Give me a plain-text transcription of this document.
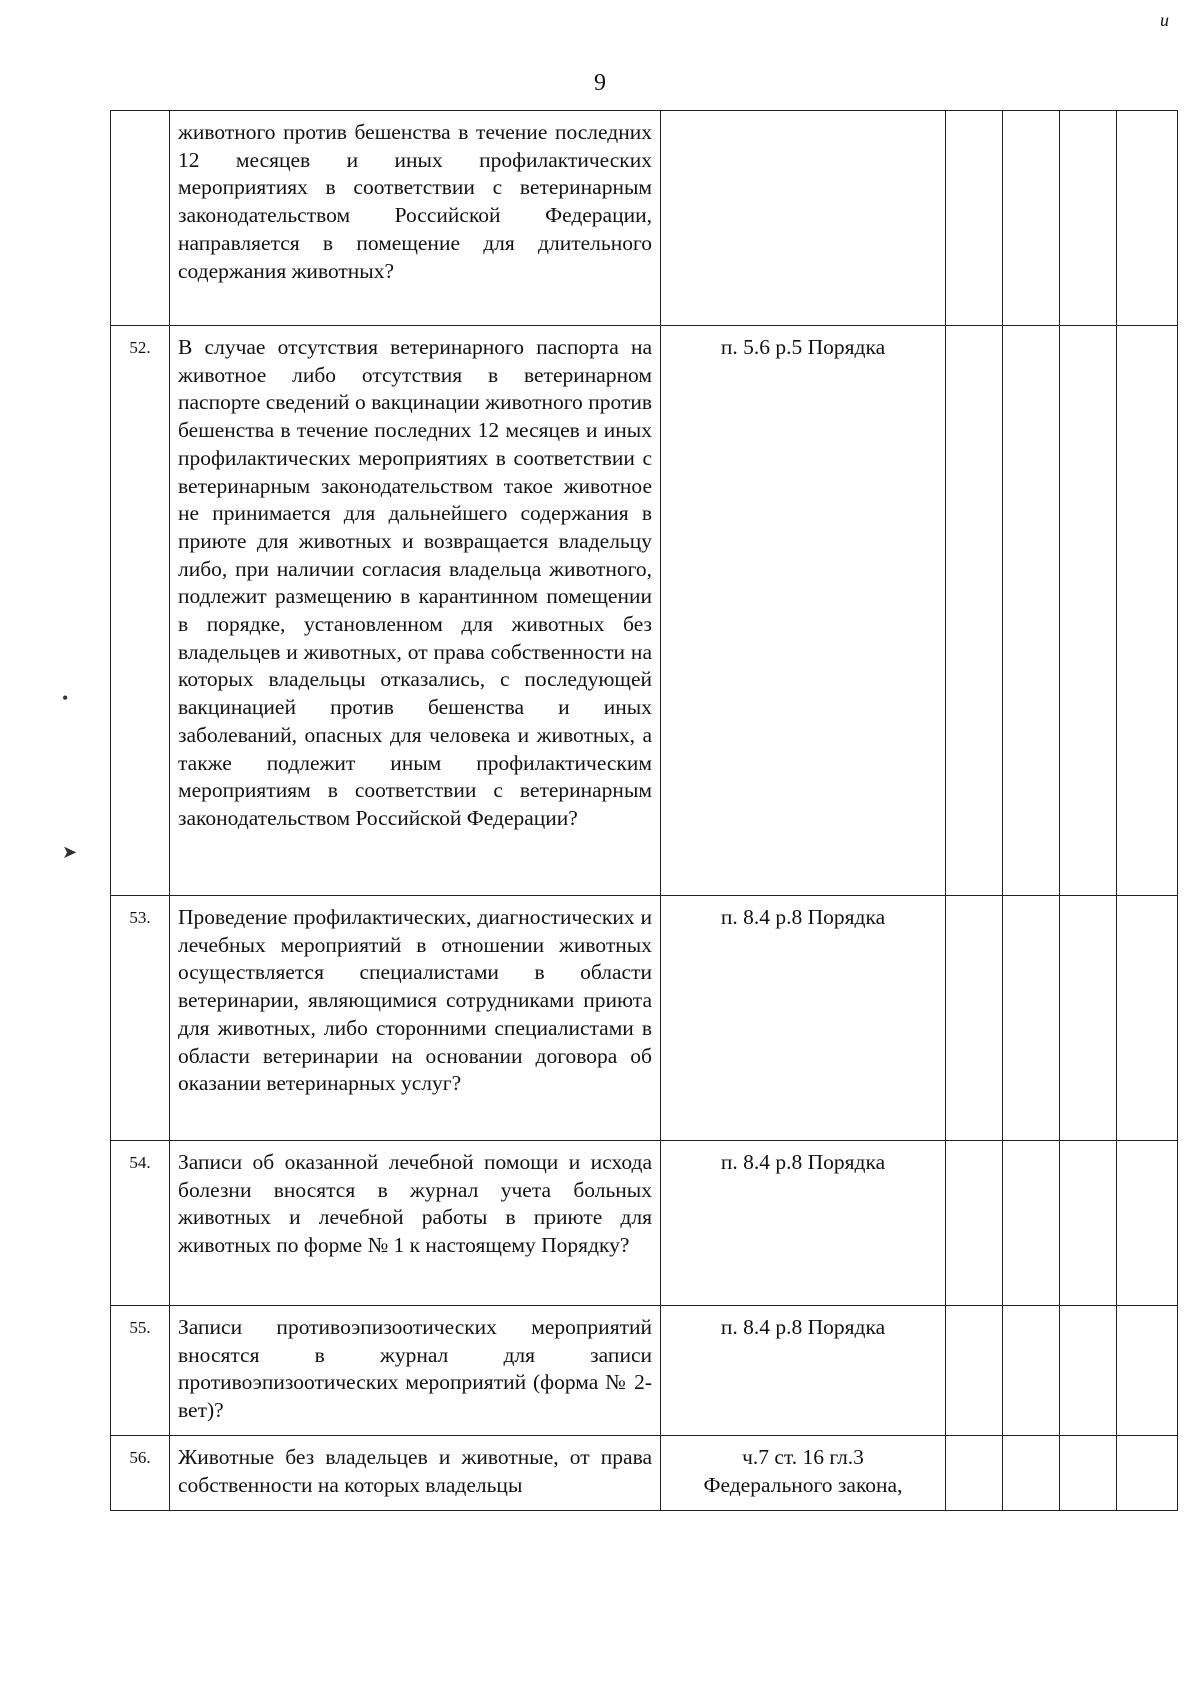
9
и
•
➤
	животного против бешенства в течение последних 12 месяцев и иных профилактических мероприятиях в соответствии с ветеринарным законодательством Российской Федерации, направляется в помещение для длительного содержания животных?					
52.	В случае отсутствия ветеринарного паспорта на животное либо отсутствия в ветеринарном паспорте сведений о вакцинации животного против бешенства в течение последних 12 месяцев и иных профилактических мероприятиях в соответствии с ветеринарным законодательством такое животное не принимается для дальнейшего содержания в приюте для животных и возвращается владельцу либо, при наличии согласия владельца животного, подлежит размещению в карантинном помещении в порядке, установленном для животных без владельцев и животных, от права собственности на которых владельцы отказались, с последующей вакцинацией против бешенства и иных заболеваний, опасных для человека и животных, а также подлежит иным профилактическим мероприятиям в соответствии с ветеринарным законодательством Российской Федерации?	п. 5.6 р.5 Порядка				
53.	Проведение профилактических, диагностических и лечебных мероприятий в отношении животных осуществляется специалистами в области ветеринарии, являющимися сотрудниками приюта для животных, либо сторонними специалистами в области ветеринарии на основании договора об оказании ветеринарных услуг?	п. 8.4 р.8 Порядка				
54.	Записи об оказанной лечебной помощи и исхода болезни вносятся в журнал учета больных животных и лечебной работы в приюте для животных по форме № 1 к настоящему Порядку?	п. 8.4 р.8 Порядка				
55.	Записи противоэпизоотических мероприятий вносятся в журнал для записи противоэпизоотических мероприятий (форма № 2-вет)?	п. 8.4 р.8 Порядка				
56.	Животные без владельцев и животные, от права собственности на которых владельцы	ч.7 ст. 16 гл.3
Федерального закона,				
